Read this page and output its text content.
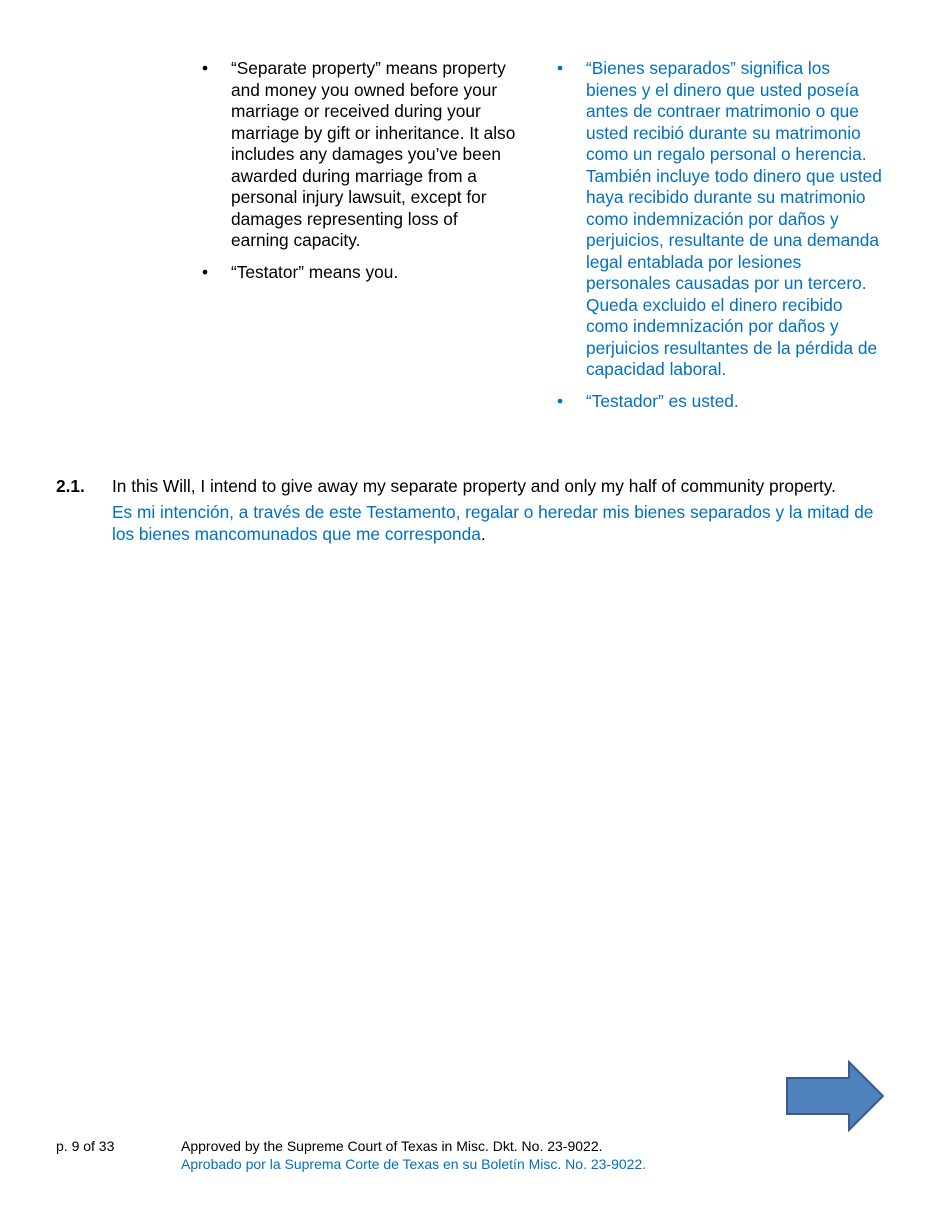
• “Separate property” means property and money you owned before your marriage or received during your marriage by gift or inheritance. It also includes any damages you’ve been awarded during marriage from a personal injury lawsuit, except for damages representing loss of earning capacity.
• “Testator” means you.
• “Bienes separados” significa los bienes y el dinero que usted poseía antes de contraer matrimonio o que usted recibió durante su matrimonio como un regalo personal o herencia. También incluye todo dinero que usted haya recibido durante su matrimonio como indemnización por daños y perjuicios, resultante de una demanda legal entablada por lesiones personales causadas por un tercero. Queda excluido el dinero recibido como indemnización por daños y perjuicios resultantes de la pérdida de capacidad laboral.
• “Testador” es usted.
2.1. In this Will, I intend to give away my separate property and only my half of community property.
Es mi intención, a través de este Testamento, regalar o heredar mis bienes separados y la mitad de los bienes mancomunados que me corresponda.
p. 9 of 33	Approved by the Supreme Court of Texas in Misc. Dkt. No. 23-9022.
Aprobado por la Suprema Corte de Texas en su Boletín Misc. No. 23-9022.
